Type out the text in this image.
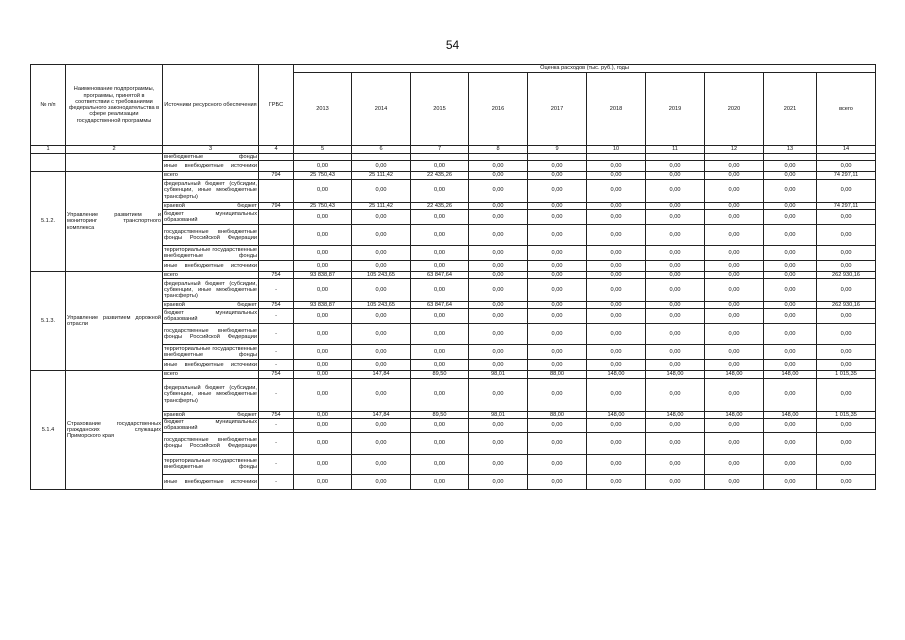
54
№ п/п	Наименование подпрограммы, программы, принятой в соответствии с требованиями федерального законодательства в сфере реализации государственной программы	Источники ресурсного обеспечения	ГРБС	Оценка расходов (тыс. руб.), годы									
				2013	2014	2015	2016	2017	2018	2019	2020	2021	всего
1	2	3	4	5	6	7	8	9	10	11	12	13	14
		внебюджетные фонды											
		иные внебюджетные источники		0,00	0,00	0,00	0,00	0,00	0,00	0,00	0,00	0,00	0,00
5.1.2.	Управление развитием и мониторинг транспортного комплекса	всего	794	25 750,43	25 111,42	22 435,26	0,00	0,00	0,00	0,00	0,00	0,00	74 297,11
		федеральный бюджет (субсидии, субвенции, иные межбюджетные трансферты)		0,00	0,00	0,00	0,00	0,00	0,00	0,00	0,00	0,00	0,00
		краевой бюджет	794	25 750,43	25 111,42	22 435,26	0,00	0,00	0,00	0,00	0,00	0,00	74 297,11
		бюджет муниципальных образований		0,00	0,00	0,00	0,00	0,00	0,00	0,00	0,00	0,00	0,00
		государственные внебюджетные фонды Российской Федерации		0,00	0,00	0,00	0,00	0,00	0,00	0,00	0,00	0,00	0,00
		территориальные государственные внебюджетные фонды		0,00	0,00	0,00	0,00	0,00	0,00	0,00	0,00	0,00	0,00
		иные внебюджетные источники		0,00	0,00	0,00	0,00	0,00	0,00	0,00	0,00	0,00	0,00
5.1.3.	Управление развитием дорожной отрасли	всего	754	93 838,87	105 243,65	63 847,64	0,00	0,00	0,00	0,00	0,00	0,00	262 930,16
		федеральный бюджет (субсидии, субвенции, иные межбюджетные трансферты)	-	0,00	0,00	0,00	0,00	0,00	0,00	0,00	0,00	0,00	0,00
		краевой бюджет	754	93 838,87	105 243,65	63 847,64	0,00	0,00	0,00	0,00	0,00	0,00	262 930,16
		бюджет муниципальных образований	-	0,00	0,00	0,00	0,00	0,00	0,00	0,00	0,00	0,00	0,00
		государственные внебюджетные фонды Российской Федерации	-	0,00	0,00	0,00	0,00	0,00	0,00	0,00	0,00	0,00	0,00
		территориальные государственные внебюджетные фонды	-	0,00	0,00	0,00	0,00	0,00	0,00	0,00	0,00	0,00	0,00
		иные внебюджетные источники	-	0,00	0,00	0,00	0,00	0,00	0,00	0,00	0,00	0,00	0,00
5.1.4	Страхование государственных гражданских служащих Приморского края	всего	754	0,00	147,84	89,50	98,01	88,00	148,00	148,00	148,00	148,00	1 015,35
		федеральный бюджет (субсидии, субвенции, иные межбюджетные трансферты)	-	0,00	0,00	0,00	0,00	0,00	0,00	0,00	0,00	0,00	0,00
		краевой бюджет	754	0,00	147,84	89,50	98,01	88,00	148,00	148,00	148,00	148,00	1 015,35
		бюджет муниципальных образований	-	0,00	0,00	0,00	0,00	0,00	0,00	0,00	0,00	0,00	0,00
		государственные внебюджетные фонды Российской Федерации	-	0,00	0,00	0,00	0,00	0,00	0,00	0,00	0,00	0,00	0,00
		территориальные государственные внебюджетные фонды	-	0,00	0,00	0,00	0,00	0,00	0,00	0,00	0,00	0,00	0,00
		иные внебюджетные источники	-	0,00	0,00	0,00	0,00	0,00	0,00	0,00	0,00	0,00	0,00
